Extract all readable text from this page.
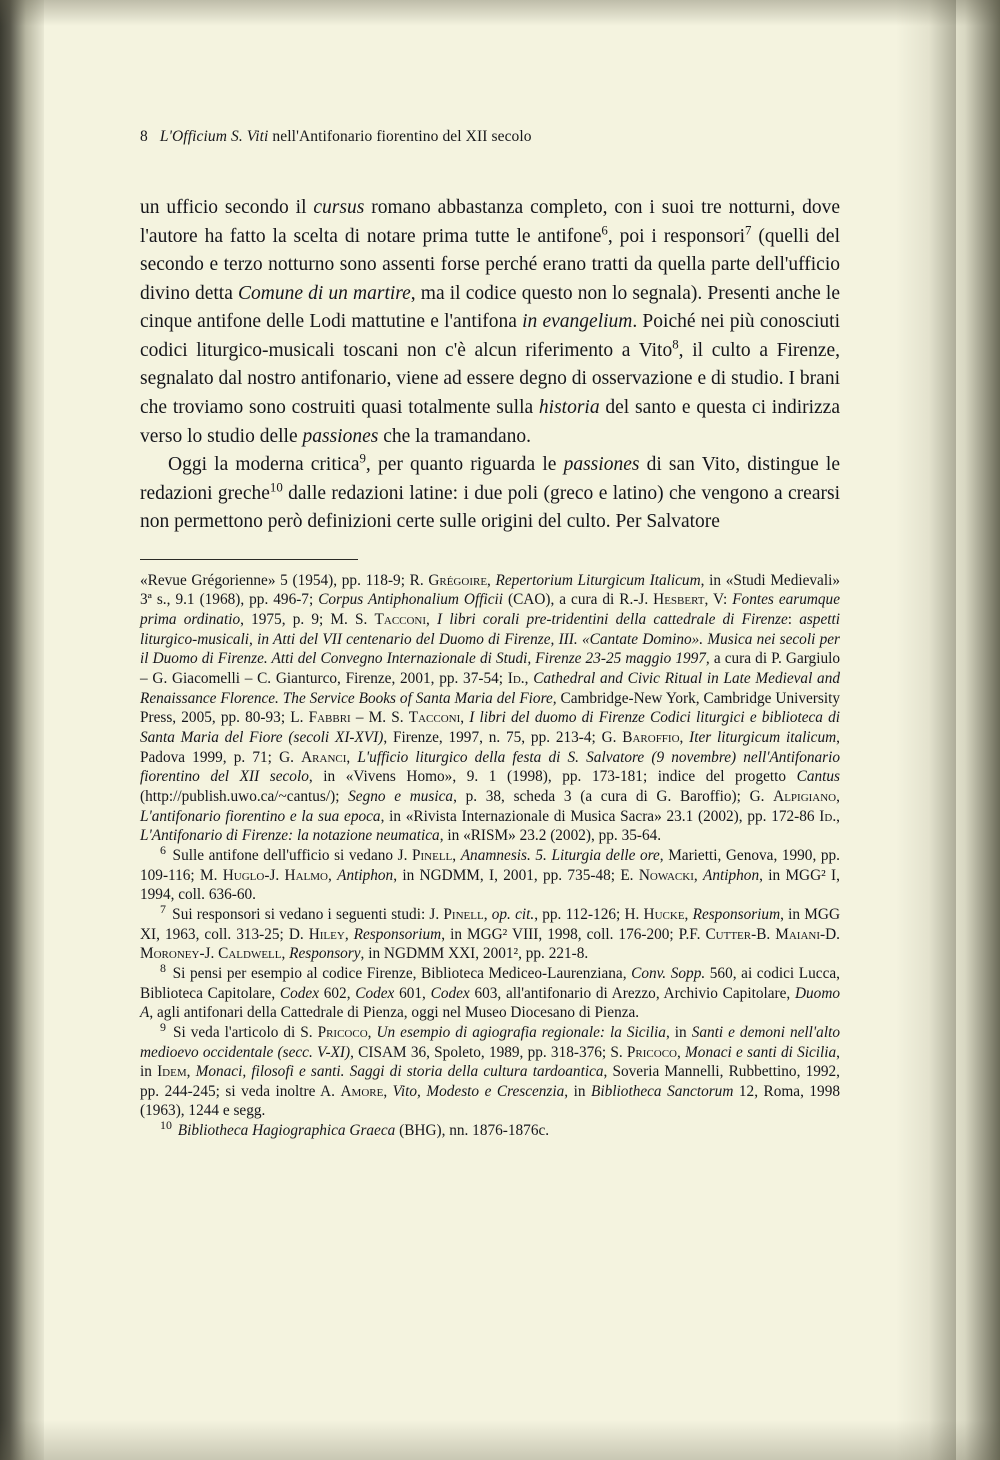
8 L'Officium S. Viti nell'Antifonario fiorentino del XII secolo

un ufficio secondo il cursus romano abbastanza completo, con i suoi tre notturni, dove l'autore ha fatto la scelta di notare prima tutte le antifone$^6$, poi i responsori$^7$ (quelli del secondo e terzo notturno sono assenti forse perché erano tratti da quella parte dell'ufficio divino detta Comune di un martire, ma il codice questo non lo segnala). Presenti anche le cinque antifone delle Lodi mattutine e l'antifona in evangelium. Poiché nei più conosciuti codici liturgico-musicali toscani non c'è alcun riferimento a Vito$^8$, il culto a Firenze, segnalato dal nostro antifonario, viene ad essere degno di osservazione e di studio. I brani che troviamo sono costruiti quasi totalmente sulla historia del santo e questa ci indirizza verso lo studio delle passiones che la tramandano.

Oggi la moderna critica$^9$, per quanto riguarda le passiones di san Vito, distingue le redazioni greche$^{10}$ dalle redazioni latine: i due poli (greco e latino) che vengono a crearsi non permettono però definizioni certe sulle origini del culto. Per Salvatore

«Revue Grégorienne» 5 (1954), pp. 118-9; R. Grégoire, Repertorium Liturgicum Italicum, in «Studi Medievali» 3ª s., 9.1 (1968), pp. 496-7; Corpus Antiphonalium Officii (CAO), a cura di R.-J. Hesbert, V: Fontes earumque prima ordinatio, 1975, p. 9; M. S. Tacconi, I libri corali pre-tridentini della cattedrale di Firenze: aspetti liturgico-musicali, in Atti del VII centenario del Duomo di Firenze, III. «Cantate Domino». Musica nei secoli per il Duomo di Firenze. Atti del Convegno Internazionale di Studi, Firenze 23-25 maggio 1997, a cura di P. Gargiulo – G. Giacomelli – C. Gianturco, Firenze, 2001, pp. 37-54; Id., Cathedral and Civic Ritual in Late Medieval and Renaissance Florence. The Service Books of Santa Maria del Fiore, Cambridge-New York, Cambridge University Press, 2005, pp. 80-93; L. Fabbri – M. S. Tacconi, I libri del duomo di Firenze Codici liturgici e biblioteca di Santa Maria del Fiore (secoli XI-XVI), Firenze, 1997, n. 75, pp. 213-4; G. Baroffio, Iter liturgicum italicum, Padova 1999, p. 71; G. Aranci, L'ufficio liturgico della festa di S. Salvatore (9 novembre) nell'Antifonario fiorentino del XII secolo, in «Vivens Homo», 9. 1 (1998), pp. 173-181; indice del progetto Cantus (http://publish.uwo.ca/~cantus/); Segno e musica, p. 38, scheda 3 (a cura di G. Baroffio); G. Alpigiano, L'antifonario fiorentino e la sua epoca, in «Rivista Internazionale di Musica Sacra» 23.1 (2002), pp. 172-86 Id., L'Antifonario di Firenze: la notazione neumatica, in «RISM» 23.2 (2002), pp. 35-64.

$^6$ Sulle antifone dell'ufficio si vedano J. Pinell, Anamnesis. 5. Liturgia delle ore, Marietti, Genova, 1990, pp. 109-116; M. Huglo-J. Halmo, Antiphon, in NGDMM, I, 2001, pp. 735-48; E. Nowacki, Antiphon, in MGG² I, 1994, coll. 636-60.

$^7$ Sui responsori si vedano i seguenti studi: J. Pinell, op. cit., pp. 112-126; H. Hucke, Responsorium, in MGG XI, 1963, coll. 313-25; D. Hiley, Responsorium, in MGG² VIII, 1998, coll. 176-200; P.F. Cutter-B. Maiani-D. Moroney-J. Caldwell, Responsory, in NGDMM XXI, 2001², pp. 221-8.

$^8$ Si pensi per esempio al codice Firenze, Biblioteca Mediceo-Laurenziana, Conv. Sopp. 560, ai codici Lucca, Biblioteca Capitolare, Codex 602, Codex 601, Codex 603, all'antifonario di Arezzo, Archivio Capitolare, Duomo A, agli antifonari della Cattedrale di Pienza, oggi nel Museo Diocesano di Pienza.

$^9$ Si veda l'articolo di S. Pricoco, Un esempio di agiografia regionale: la Sicilia, in Santi e demoni nell'alto medioevo occidentale (secc. V-XI), CISAM 36, Spoleto, 1989, pp. 318-376; S. Pricoco, Monaci e santi di Sicilia, in Idem, Monaci, filosofi e santi. Saggi di storia della cultura tardoantica, Soveria Mannelli, Rubbettino, 1992, pp. 244-245; si veda inoltre A. Amore, Vito, Modesto e Crescenzia, in Bibliotheca Sanctorum 12, Roma, 1998 (1963), 1244 e segg.

$^{10}$ Bibliotheca Hagiographica Graeca (BHG), nn. 1876-1876c.
